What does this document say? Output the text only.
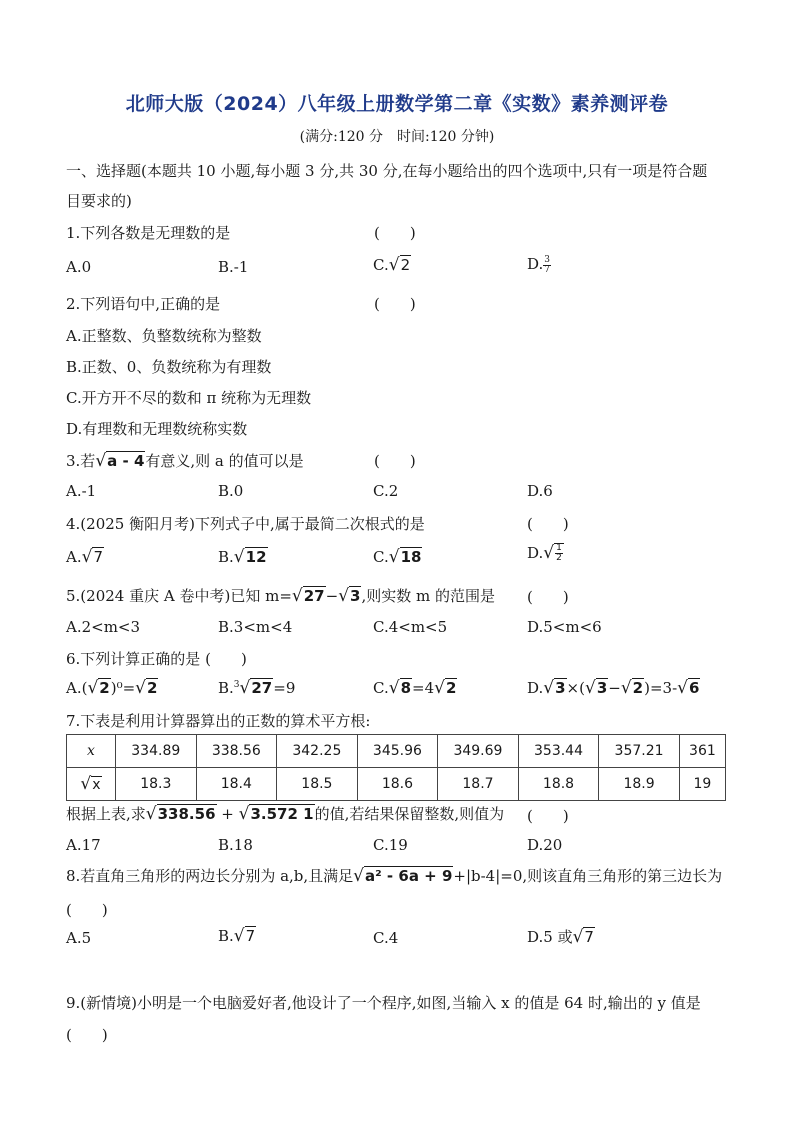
北师大版（2024）八年级上册数学第二章《实数》素养测评卷
(满分:120 分　时间:120 分钟)
一、选择题(本题共 10 小题,每小题 3 分,共 30 分,在每小题给出的四个选项中,只有一项是符合题
目要求的)
1.下列各数是无理数的是	(　　)
A.0	B.-1	C.√2	D. $\frac{3}{7}$
2.下列语句中,正确的是	(　　)
A.正整数、负整数统称为整数
B.正数、0、负数统称为有理数
C.开方开不尽的数和 π 统称为无理数
D.有理数和无理数统称实数
3.若√a - 4有意义,则 a 的值可以是	(　　)
A.-1	B.0	C.2	D.6
4.(2025 衡阳月考)下列式子中,属于最简二次根式的是	(　　)
A.√7	B.√12	C.√18	$D.√ \frac{1}{2}$
5.(2024 重庆 A 卷中考)已知 m=√27−√3,则实数 m 的范围是 (　　)
A.2<m<3	B.3<m<4	C.4<m<5	D.5<m<6
6.下列计算正确的是 (　　)
A.(√2)⁰=√2	B.$^3$√27=9	C.√8=4√2	D.√3×(√3−√2)=3-√6
7.下表是利用计算器算出的正数的算术平方根:
x	334.89	338.56	342.25	345.96	349.69	353.44	357.21	361
√x	18.3	18.4	18.5	18.6	18.7	18.8	18.9	19
根据上表,求√338.56 + √3.572 1的值,若结果保留整数,则值为 (　　)
A.17	B.18	C.19	D.20
8.若直角三角形的两边长分别为 a,b,且满足√a² - 6a + 9+|b-4|=0,则该直角三角形的第三边长为
(　　)
A.5	B.√7	C.4	D.5 或√7
9.(新情境)小明是一个电脑爱好者,他设计了一个程序,如图,当输入 x 的值是 64 时,输出的 y 值是
(　　)
